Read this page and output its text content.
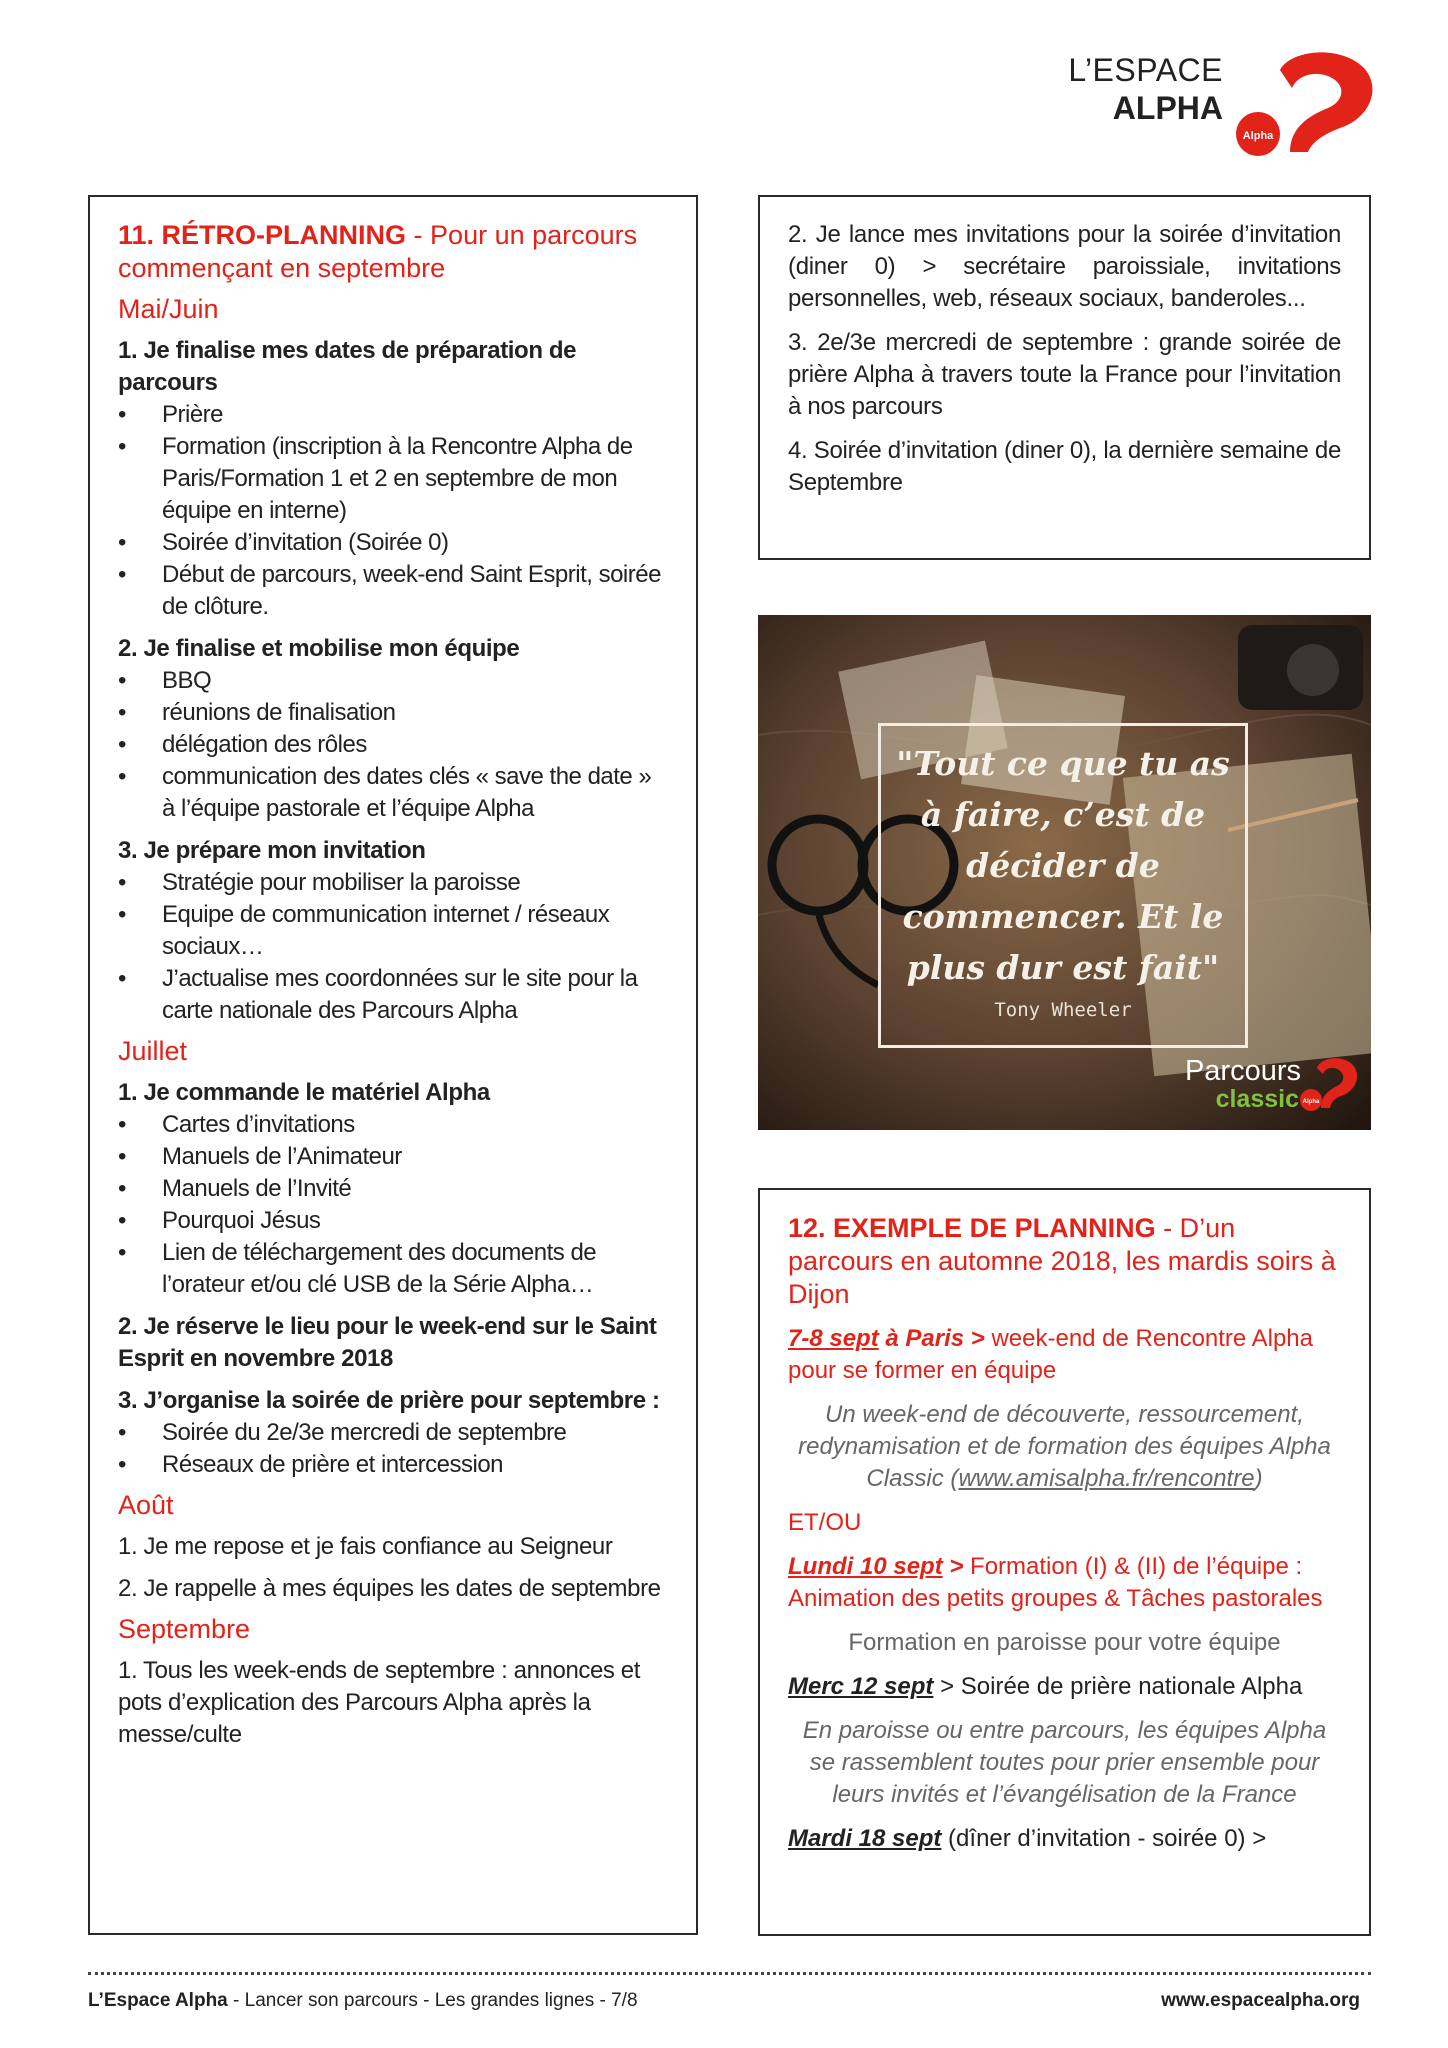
L’ESPACE
ALPHA
Alpha
11. RÉTRO-PLANNING - Pour un parcours commençant en septembre
Mai/Juin
1. Je finalise mes dates de préparation de parcours
• Prière
• Formation (inscription à la Rencontre Alpha de Paris/Formation 1 et 2 en septembre de mon équipe en interne)
• Soirée d’invitation (Soirée 0)
• Début de parcours, week-end Saint Esprit, soirée de clôture.
2. Je finalise et mobilise mon équipe
• BBQ
• réunions de finalisation
• délégation des rôles
• communication des dates clés « save the date » à l’équipe pastorale et l’équipe Alpha
3. Je prépare mon invitation
• Stratégie pour mobiliser la paroisse
• Equipe de communication internet / réseaux sociaux…
• J’actualise mes coordonnées sur le site pour la carte nationale des Parcours Alpha
Juillet
1. Je commande le matériel Alpha
• Cartes d’invitations
• Manuels de l’Animateur
• Manuels de l’Invité
• Pourquoi Jésus
• Lien de téléchargement des documents de l’orateur et/ou clé USB de la Série Alpha…
2. Je réserve le lieu pour le week-end sur le Saint Esprit en novembre 2018
3. J’organise la soirée de prière pour septembre :
• Soirée du 2e/3e mercredi de septembre
• Réseaux de prière et intercession
Août
1. Je me repose et je fais confiance au Seigneur
2. Je rappelle à mes équipes les dates de septembre
Septembre
1. Tous les week-ends de septembre : annonces et pots d’explication des Parcours Alpha après la messe/culte
2. Je lance mes invitations pour la soirée d’invitation (diner 0) > secrétaire paroissiale, invitations personnelles, web, réseaux sociaux, banderoles...
3. 2e/3e mercredi de septembre : grande soirée de prière Alpha à travers toute la France pour l’invitation à nos parcours
4. Soirée d’invitation (diner 0), la dernière semaine de Septembre
"Tout ce que tu as à faire, c’est de décider de commencer. Et le plus dur est fait"
Tony Wheeler
Parcours
classic Alpha
12. EXEMPLE DE PLANNING - D’un parcours en automne 2018, les mardis soirs à Dijon
7-8 sept à Paris > week-end de Rencontre Alpha pour se former en équipe
Un week-end de découverte, ressourcement, redynamisation et de formation des équipes Alpha Classic (www.amisalpha.fr/rencontre)
ET/OU
Lundi 10 sept > Formation (I) & (II) de l’équipe : Animation des petits groupes & Tâches pastorales
Formation en paroisse pour votre équipe
Merc 12 sept > Soirée de prière nationale Alpha
En paroisse ou entre parcours, les équipes Alpha se rassemblent toutes pour prier ensemble pour leurs invités et l’évangélisation de la France
Mardi 18 sept (dîner d’invitation - soirée 0) >
L’Espace Alpha - Lancer son parcours - Les grandes lignes - 7/8	www.espacealpha.org
